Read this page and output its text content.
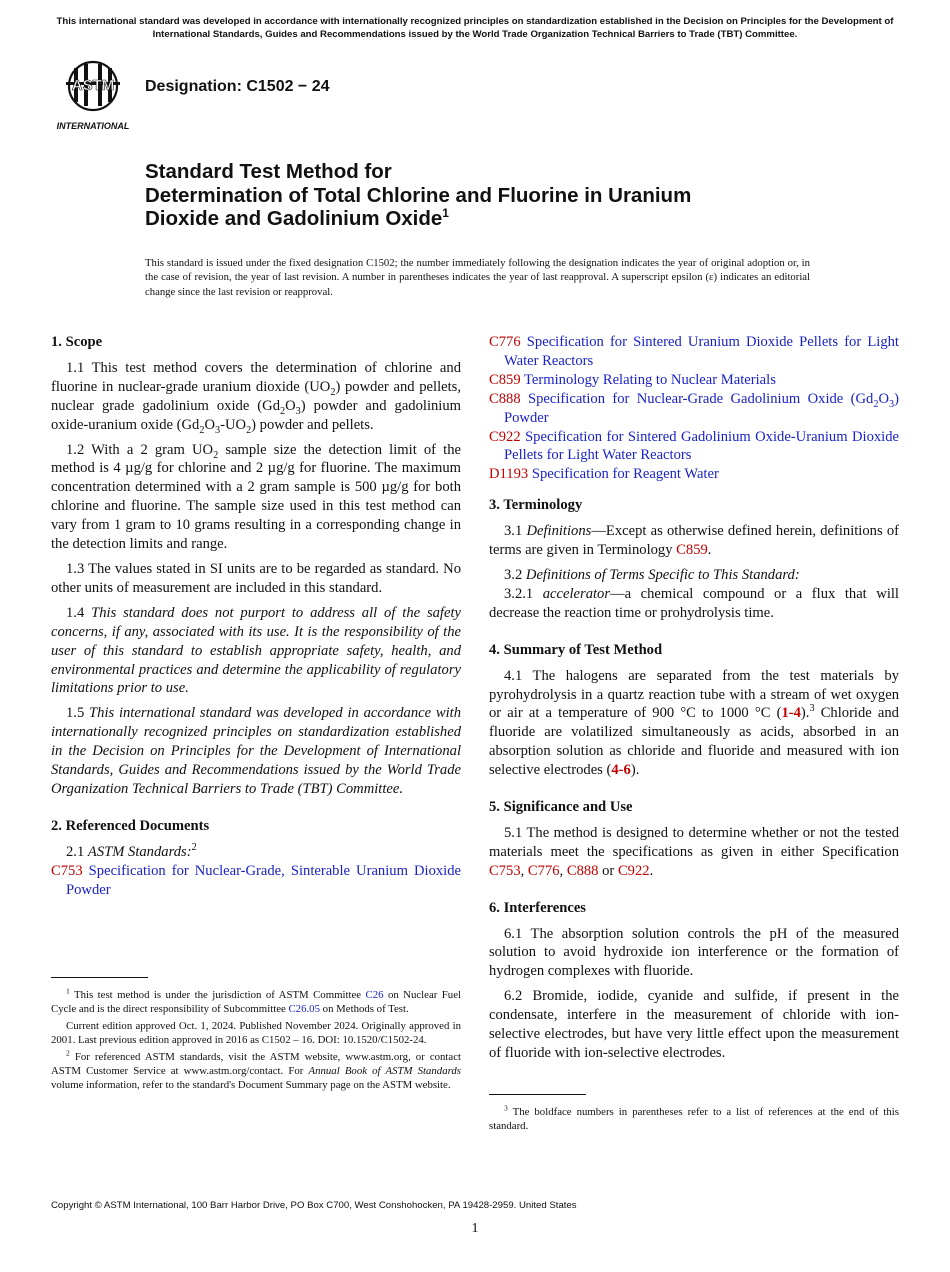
This international standard was developed in accordance with internationally recognized principles on standardization established in the Decision on Principles for the Development of International Standards, Guides and Recommendations issued by the World Trade Organization Technical Barriers to Trade (TBT) Committee.
ASTM
INTERNATIONAL
Designation: C1502 − 24
Standard Test Method for
Determination of Total Chlorine and Fluorine in Uranium
Dioxide and Gadolinium Oxide$^1$
This standard is issued under the fixed designation C1502; the number immediately following the designation indicates the year of original adoption or, in the case of revision, the year of last revision. A number in parentheses indicates the year of last reapproval. A superscript epsilon (ε) indicates an editorial change since the last revision or reapproval.
1. Scope

1.1 This test method covers the determination of chlorine and fluorine in nuclear-grade uranium dioxide $(UO_2)$ powder and pellets, nuclear grade gadolinium oxide $(Gd_2O_3)$ powder and gadolinium oxide-uranium oxide $(Gd_2O_3-UO_2)$ powder and pellets.

1.2 With a 2 gram $UO_2$ sample size the detection limit of the method is 4 µg/g for chlorine and 2 µg/g for fluorine. The maximum concentration determined with a 2 gram sample is 500 µg/g for both chlorine and fluorine. The sample size used in this test method can vary from 1 gram to 10 grams resulting in a corresponding change in the detection limits and range.

1.3 The values stated in SI units are to be regarded as standard. No other units of measurement are included in this standard.

1.4 This standard does not purport to address all of the safety concerns, if any, associated with its use. It is the responsibility of the user of this standard to establish appropriate safety, health, and environmental practices and determine the applicability of regulatory limitations prior to use.

1.5 This international standard was developed in accordance with internationally recognized principles on standardization established in the Decision on Principles for the Development of International Standards, Guides and Recommendations issued by the World Trade Organization Technical Barriers to Trade (TBT) Committee.

2. Referenced Documents

2.1 ASTM Standards:$^2$

C753 Specification for Nuclear-Grade, Sinterable Uranium Dioxide Powder

$^1$ This test method is under the jurisdiction of ASTM Committee C26 on Nuclear Fuel Cycle and is the direct responsibility of Subcommittee C26.05 on Methods of Test.

Current edition approved Oct. 1, 2024. Published November 2024. Originally approved in 2001. Last previous edition approved in 2016 as C1502 – 16. DOI: 10.1520/C1502-24.

$^2$ For referenced ASTM standards, visit the ASTM website, www.astm.org, or contact ASTM Customer Service at www.astm.org/contact. For Annual Book of ASTM Standards volume information, refer to the standard's Document Summary page on the ASTM website.

C776 Specification for Sintered Uranium Dioxide Pellets for Light Water Reactors

C859 Terminology Relating to Nuclear Materials

C888 Specification for Nuclear-Grade Gadolinium Oxide $(Gd_2O_3)$ Powder

C922 Specification for Sintered Gadolinium Oxide-Uranium Dioxide Pellets for Light Water Reactors

D1193 Specification for Reagent Water

3. Terminology

3.1 Definitions—Except as otherwise defined herein, definitions of terms are given in Terminology C859.

3.2 Definitions of Terms Specific to This Standard:

3.2.1 accelerator—a chemical compound or a flux that will decrease the reaction time or prohydrolysis time.

4. Summary of Test Method

4.1 The halogens are separated from the test materials by pyrohydrolysis in a quartz reaction tube with a stream of wet oxygen or air at a temperature of 900 °C to 1000 °C (1-4).$^3$ Chloride and fluoride are volatilized simultaneously as acids, absorbed in an absorption solution as chloride and fluoride and measured with ion selective electrodes (4-6).

5. Significance and Use

5.1 The method is designed to determine whether or not the tested materials meet the specifications as given in either Specification C753, C776, C888 or C922.

6. Interferences

6.1 The absorption solution controls the pH of the measured solution to avoid hydroxide ion interference or the formation of hydrogen complexes with fluoride.

6.2 Bromide, iodide, cyanide and sulfide, if present in the condensate, interfere in the measurement of chloride with ion-selective electrodes, but have very little effect upon the measurement of fluoride with ion-selective electrodes.

$^3$ The boldface numbers in parentheses refer to a list of references at the end of this standard.

Copyright © ASTM International, 100 Barr Harbor Drive, PO Box C700, West Conshohocken, PA 19428-2959. United States
1
